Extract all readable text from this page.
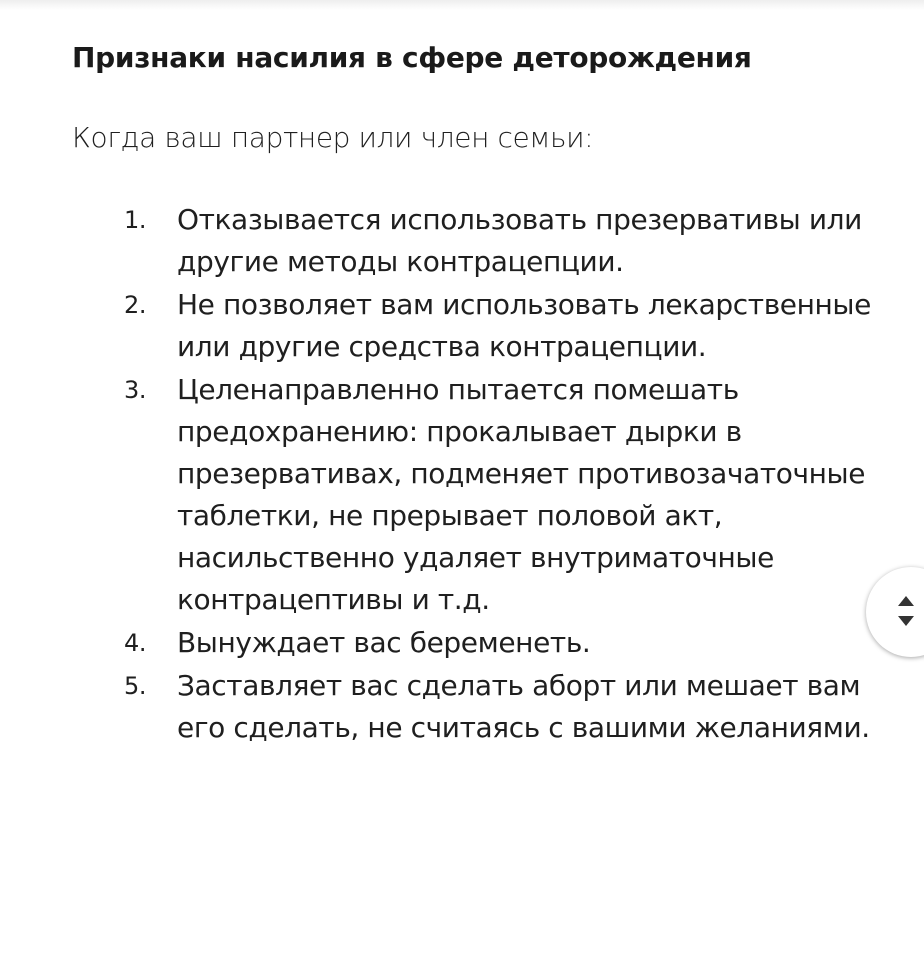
Признаки насилия в сфере деторождения

Когда ваш партнер или член семьи:

1. Отказывается использовать презервативы или другие методы контрацепции.
2. Не позволяет вам использовать лекарственные или другие средства контрацепции.
3. Целенаправленно пытается помешать предохранению: прокалывает дырки в презервативах, подменяет противозачаточные таблетки, не прерывает половой акт, насильственно удаляет внутриматочные контрацептивы и т.д.
4. Вынуждает вас беременеть.
5. Заставляет вас сделать аборт или мешает вам его сделать, не считаясь с вашими желаниями.
